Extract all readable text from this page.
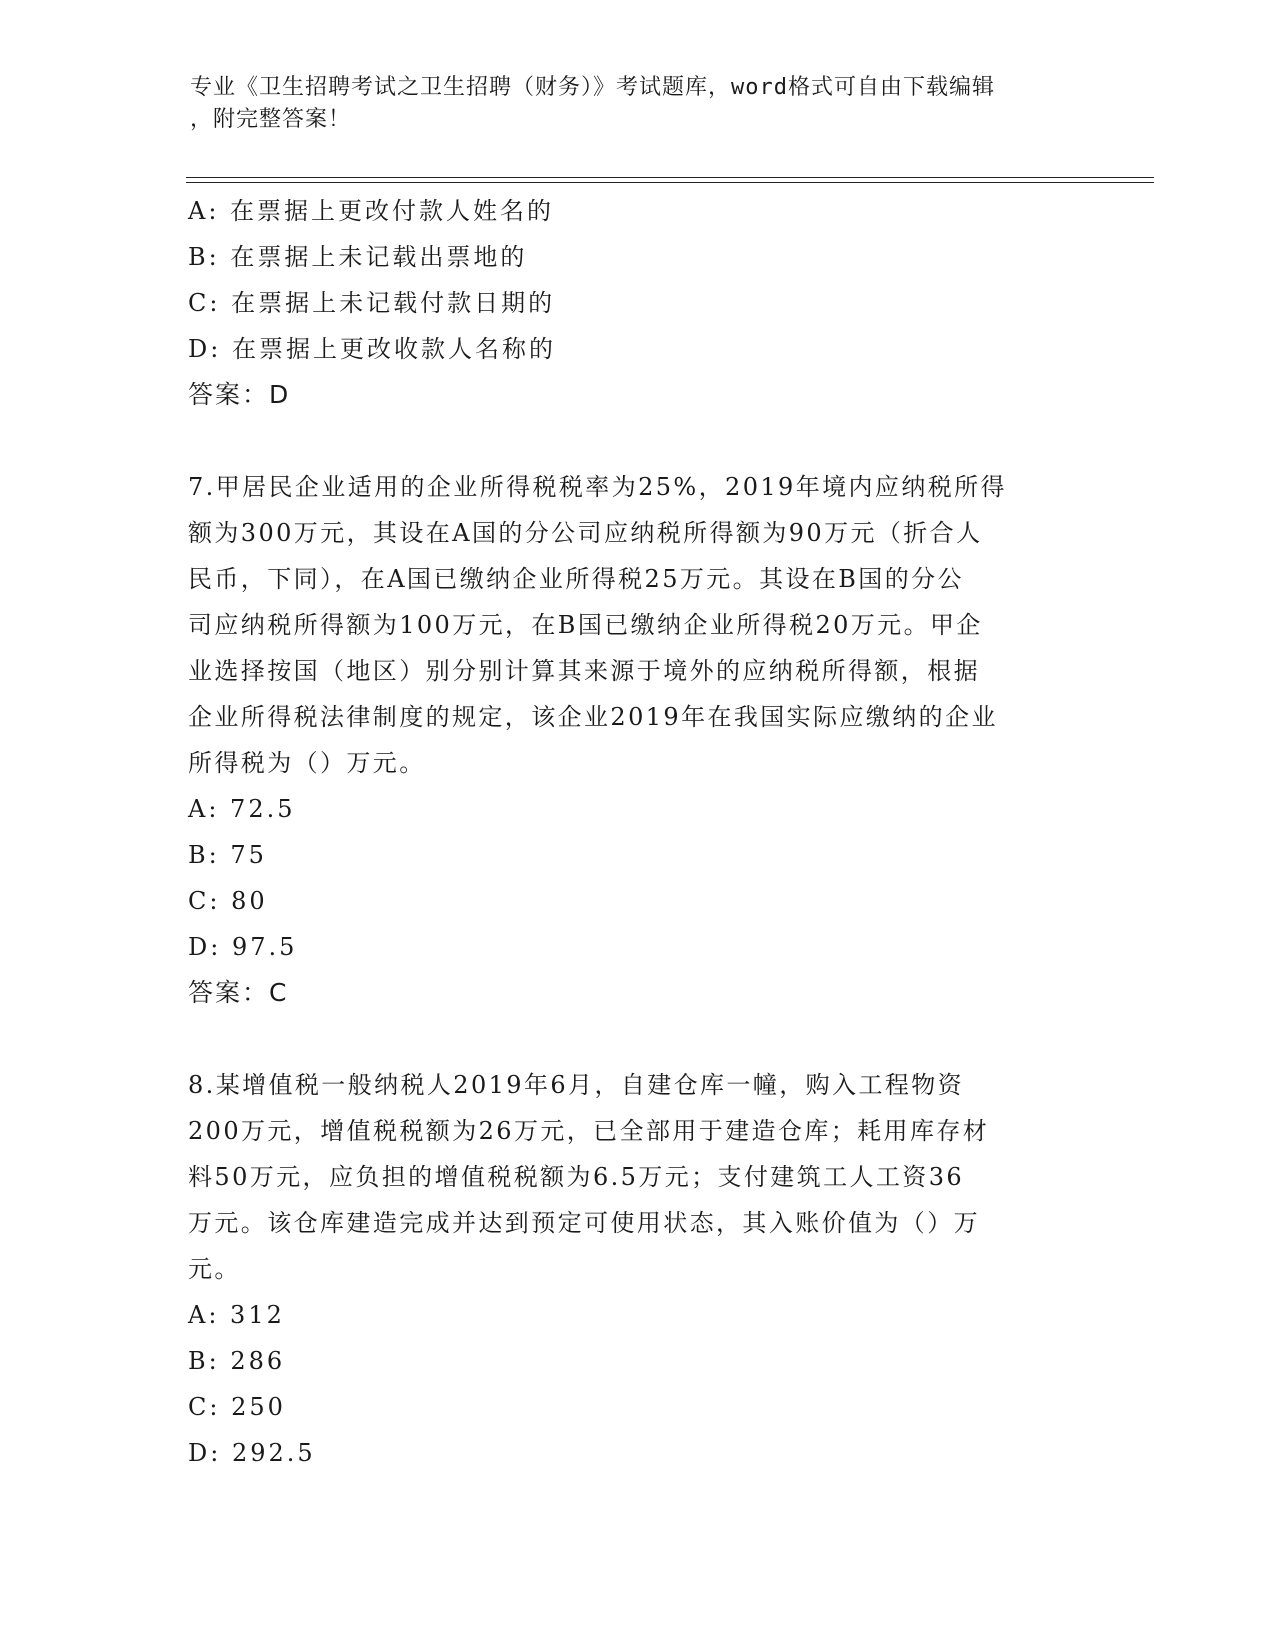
专业《卫生招聘考试之卫生招聘（财务）》考试题库，word格式可自由下载编辑
，附完整答案！
A: 在票据上更改付款人姓名的
B: 在票据上未记载出票地的
C: 在票据上未记载付款日期的
D: 在票据上更改收款人名称的
答案：D
7.甲居民企业适用的企业所得税税率为25%，2019年境内应纳税所得
额为300万元，其设在A国的分公司应纳税所得额为90万元（折合人
民币，下同），在A国已缴纳企业所得税25万元。其设在B国的分公
司应纳税所得额为100万元，在B国已缴纳企业所得税20万元。甲企
业选择按国（地区）别分别计算其来源于境外的应纳税所得额，根据
企业所得税法律制度的规定，该企业2019年在我国实际应缴纳的企业
所得税为（）万元。
A: 72.5
B: 75
C: 80
D: 97.5
答案：C
8.某增值税一般纳税人2019年6月，自建仓库一幢，购入工程物资
200万元，增值税税额为26万元，已全部用于建造仓库；耗用库存材
料50万元，应负担的增值税税额为6.5万元；支付建筑工人工资36
万元。该仓库建造完成并达到预定可使用状态，其入账价值为（）万
元。
A: 312
B: 286
C: 250
D: 292.5
